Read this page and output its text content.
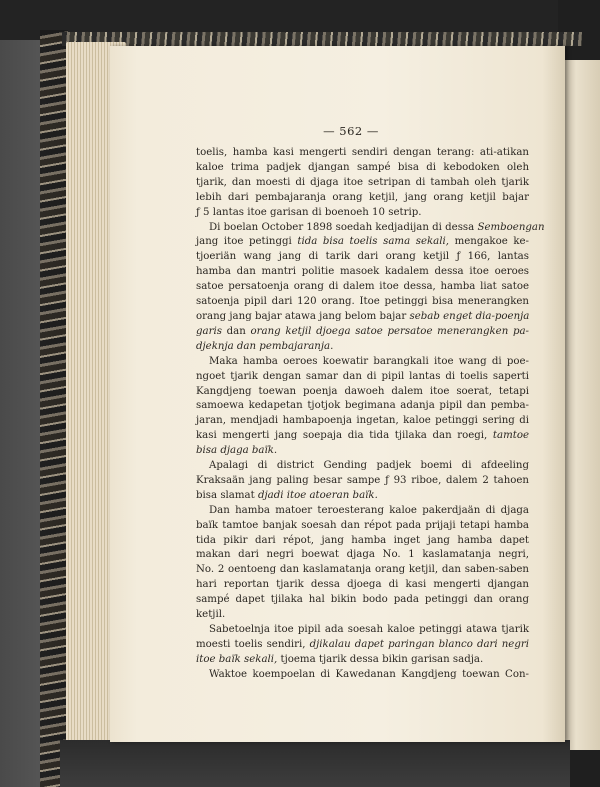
— 562 —
toelis, hamba kasi mengerti sendiri dengan terang: ati-atikan
kaloe trima padjek djangan sampé bisa di kebodoken oleh
tjarik, dan moesti di djaga itoe setripan di tambah oleh tjarik
lebih dari pembajaranja orang ketjil, jang orang ketjil bajar
ƒ 5 lantas itoe garisan di boenoeh 10 setrip.
Di boelan October 1898 soedah kedjadijan di dessa Semboengan
jang itoe petinggi tida bisa toelis sama sekali, mengakoe ke-
tjoeriän wang jang di tarik dari orang ketjil ƒ 166, lantas
hamba dan mantri politie masoek kadalem dessa itoe oeroes
satoe persatoenja orang di dalem itoe dessa, hamba liat satoe
satoenja pipil dari 120 orang. Itoe petinggi bisa menerangken
orang jang bajar atawa jang belom bajar sebab enget dia-poenja
garis dan orang ketjil djoega satoe persatoe menerangken pa-
djeknja dan pembajaranja.
Maka hamba oeroes koewatir barangkali itoe wang di poe-
ngoet tjarik dengan samar dan di pipil lantas di toelis saperti
Kangdjeng toewan poenja dawoeh dalem itoe soerat, tetapi
samoewa kedapetan tjotjok begimana adanja pipil dan pemba-
jaran, mendjadi hambapoenja ingetan, kaloe petinggi sering di
kasi mengerti jang soepaja dia tida tjilaka dan roegi, tamtoe
bisa djaga baïk.
Apalagi di district Gending padjek boemi di afdeeling
Kraksaän jang paling besar sampe ƒ 93 riboe, dalem 2 tahoen
bisa slamat djadi itoe atoeran baïk.
Dan hamba matoer teroesterang kaloe pakerdjaän di djaga
baïk tamtoe banjak soesah dan répot pada prijaji tetapi hamba
tida pikir dari répot, jang hamba inget jang hamba dapet
makan dari negri boewat djaga No. 1 kaslamatanja negri,
No. 2 oentoeng dan kaslamatanja orang ketjil, dan saben-saben
hari reportan tjarik dessa djoega di kasi mengerti djangan
sampé dapet tjilaka hal bikin bodo pada petinggi dan orang
ketjil.
Sabetoelnja itoe pipil ada soesah kaloe petinggi atawa tjarik
moesti toelis sendiri, djikalau dapet paringan blanco dari negri
itoe baïk sekali, tjoema tjarik dessa bikin garisan sadja.
Waktoe koempoelan di Kawedanan Kangdjeng toewan Con-
